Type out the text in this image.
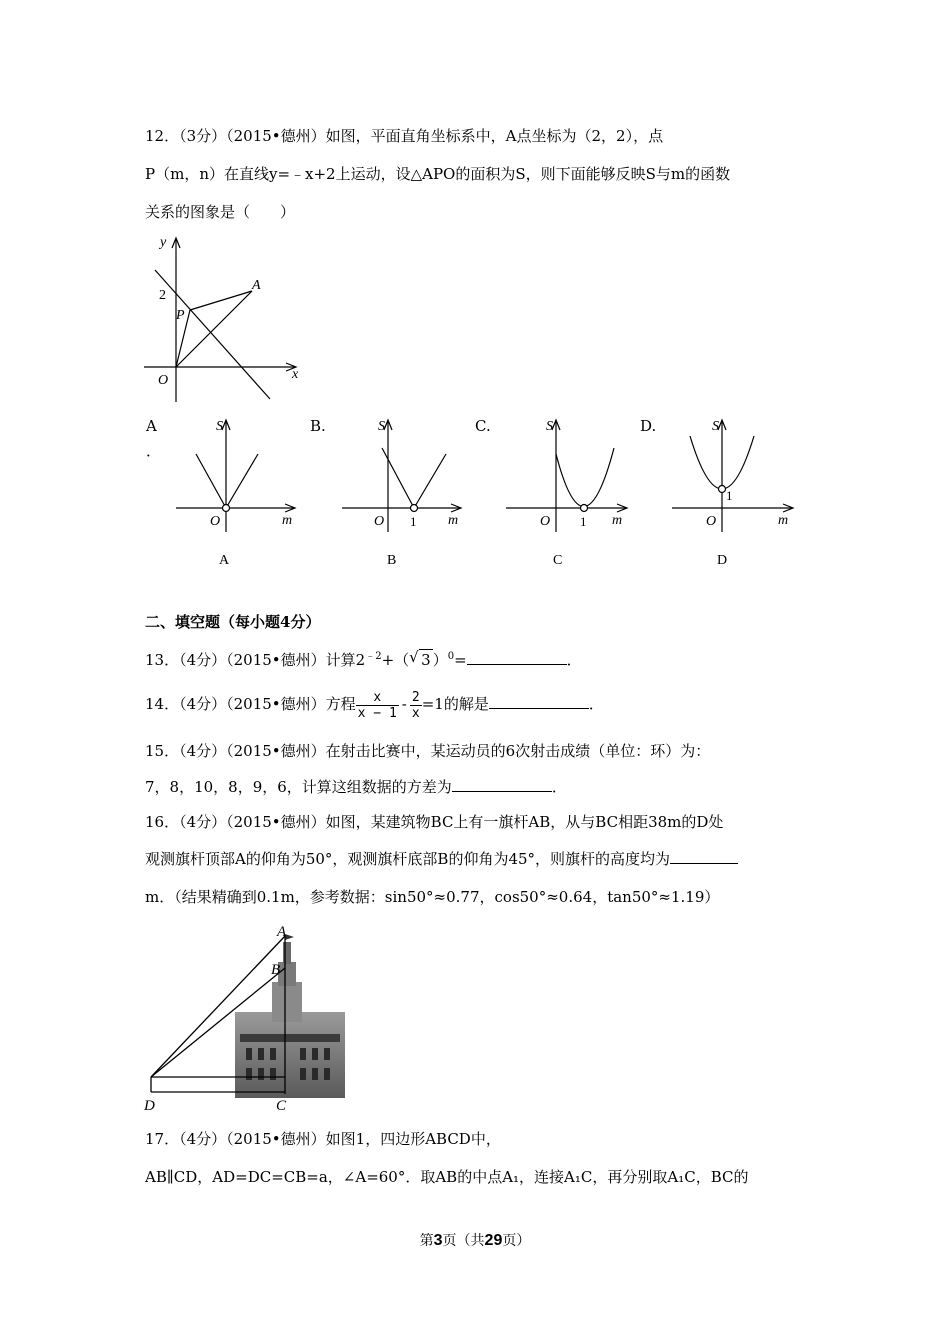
12．（3分）（2015•德州）如图，平面直角坐标系中，A点坐标为（2，2），点
P（m，n）在直线y=﹣x+2上运动，设△APO的面积为S，则下面能够反映S与m的函数
关系的图象是（　　）
y
2
P
A
O	x
A
．
B.	C.	D.
S
O	m
A
S
O 1 m
B
S
O 1 m
C
S
1
O	m
D
二、填空题（每小题4分）
13．（4分）（2015•德州）计算$2^{﹣2}+$（ √ 3 ）$^0$=	．
14．（4分）（2015•德州）方程 $\frac{x}{x - 1} - \frac{2}{x} =1$的解是	．
15．（4分）（2015•德州）在射击比赛中，某运动员的6次射击成绩（单位：环）为：
7，8，10，8，9，6，计算这组数据的方差为	．
16．（4分）（2015•德州）如图，某建筑物BC上有一旗杆AB，从与BC相距38m的D处
观测旗杆顶部A的仰角为50°，观测旗杆底部B的仰角为45°，则旗杆的高度均为
m．（结果精确到0.1m，参考数据：sin50°≈0.77，cos50°≈0.64，tan50°≈1.19）
A
B
D	C
17．（4分）（2015•德州）如图1，四边形ABCD中，
AB∥CD，AD=DC=CB=a，∠A=60°．取AB的中点A₁，连接A₁C，再分别取A₁C，BC的
第3页（共29页）
